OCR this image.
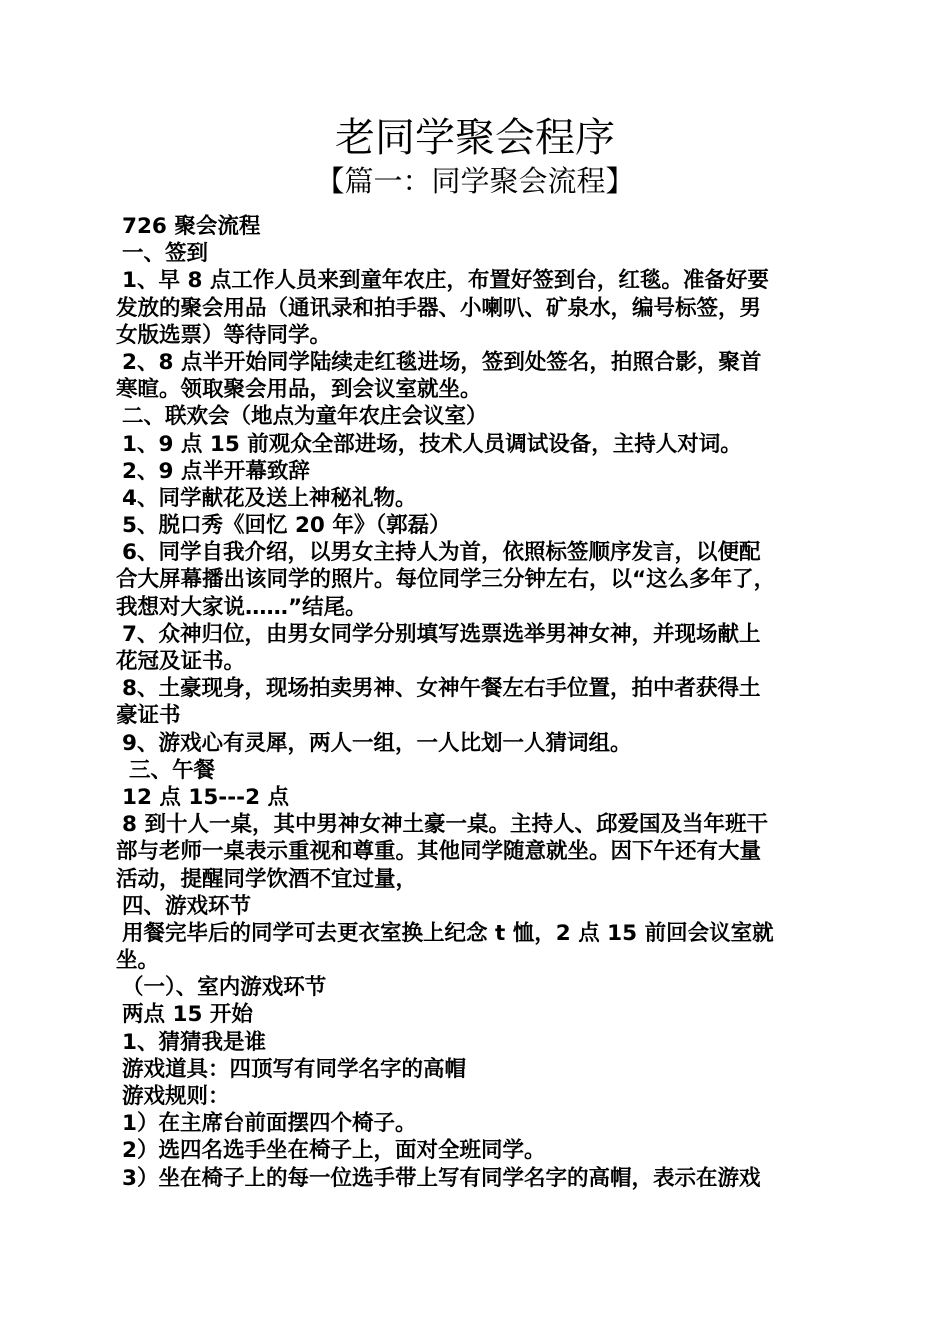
老同学聚会程序
【篇一：同学聚会流程】
726 聚会流程
一、签到
1、早 8 点工作人员来到童年农庄，布置好签到台，红毯。准备好要
发放的聚会用品（通讯录和拍手器、小喇叭、矿泉水，编号标签，男
女版选票）等待同学。
2、8 点半开始同学陆续走红毯进场，签到处签名，拍照合影，聚首
寒暄。领取聚会用品，到会议室就坐。
二、联欢会（地点为童年农庄会议室）
1、9 点 15 前观众全部进场，技术人员调试设备，主持人对词。
2、9 点半开幕致辞
4、同学献花及送上神秘礼物。
5、脱口秀《回忆 20 年》（郭磊）
6、同学自我介绍，以男女主持人为首，依照标签顺序发言，以便配
合大屏幕播出该同学的照片。每位同学三分钟左右，以“这么多年了，
我想对大家说……”结尾。
7、众神归位，由男女同学分别填写选票选举男神女神，并现场献上
花冠及证书。
8、土豪现身，现场拍卖男神、女神午餐左右手位置，拍中者获得土
豪证书
9、游戏心有灵犀，两人一组，一人比划一人猜词组。
三、午餐
12 点 15---2 点
8 到十人一桌，其中男神女神土豪一桌。主持人、邱爱国及当年班干
部与老师一桌表示重视和尊重。其他同学随意就坐。因下午还有大量
活动，提醒同学饮酒不宜过量，
四、游戏环节
用餐完毕后的同学可去更衣室换上纪念 t 恤，2 点 15 前回会议室就
坐。
（一）、室内游戏环节
两点 15 开始
1、猜猜我是谁
游戏道具：四顶写有同学名字的高帽
游戏规则：
1）在主席台前面摆四个椅子。
2）选四名选手坐在椅子上，面对全班同学。
3）坐在椅子上的每一位选手带上写有同学名字的高帽，表示在游戏
